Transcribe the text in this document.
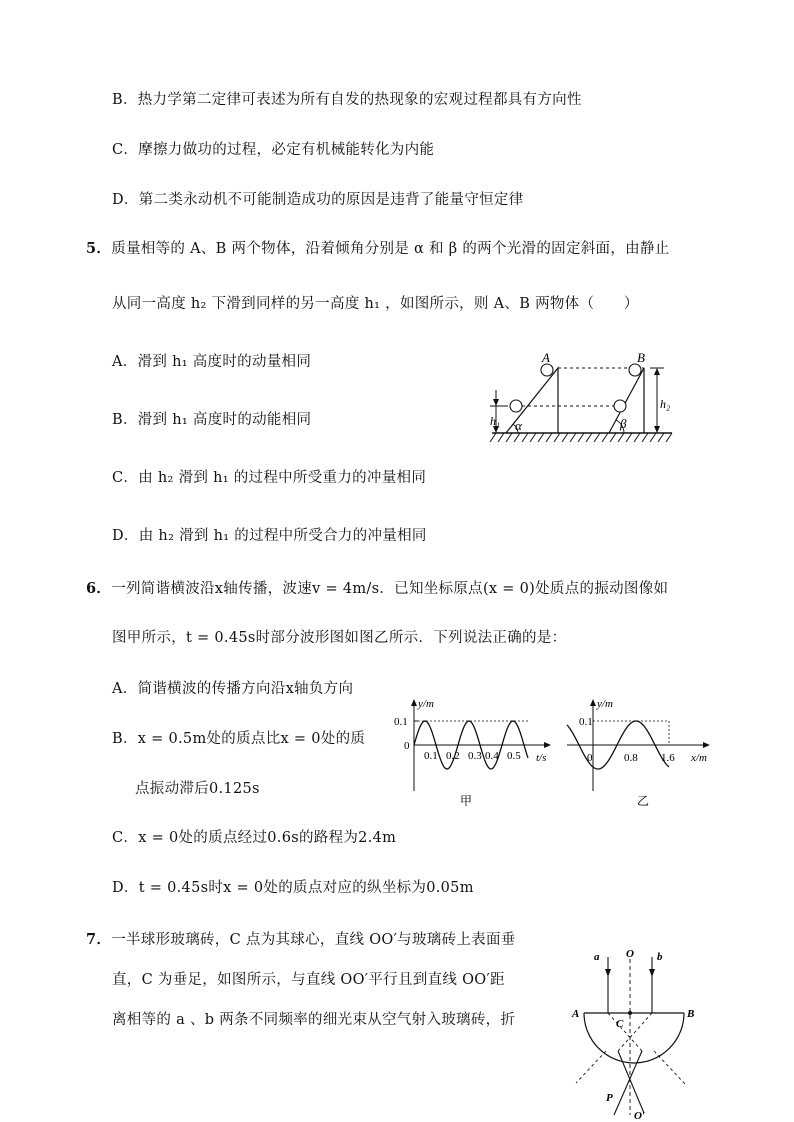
B．热力学第二定律可表述为所有自发的热现象的宏观过程都具有方向性
C．摩擦力做功的过程，必定有机械能转化为内能
D．第二类永动机不可能制造成功的原因是违背了能量守恒定律
5．质量相等的 A、B 两个物体，沿着倾角分别是 α 和 β 的两个光滑的固定斜面，由静止
从同一高度 h₂ 下滑到同样的另一高度 h₁ ，如图所示，则 A、B 两物体（　　）
A．滑到 h₁ 高度时的动量相同
B．滑到 h₁ 高度时的动能相同
C．由 h₂ 滑到 h₁ 的过程中所受重力的冲量相同
D．由 h₂ 滑到 h₁ 的过程中所受合力的冲量相同
A	B
h₁
h₂
α	β
6．一列简谐横波沿x轴传播，波速v = 4m/s．已知坐标原点(x = 0)处质点的振动图像如
图甲所示，t = 0.45s时部分波形图如图乙所示．下列说法正确的是：
A．简谐横波的传播方向沿x轴负方向
B．x = 0.5m处的质点比x = 0处的质
点振动滞后0.125s
C．x = 0处的质点经过0.6s的路程为2.4m
D．t = 0.45s时x = 0处的质点对应的纵坐标为0.05m
y/m
0.1
0
0.1 0.2 0.3 0.4 0.5 t/s
甲
y/m
0.1
0	0.8 1.6 x/m
乙
7．一半球形玻璃砖，C 点为其球心，直线 OO′与玻璃砖上表面垂
直，C 为垂足，如图所示，与直线 OO′平行且到直线 OO′距
离相等的 a 、b 两条不同频率的细光束从空气射入玻璃砖，折
a O b
A	B
C
P
O′
